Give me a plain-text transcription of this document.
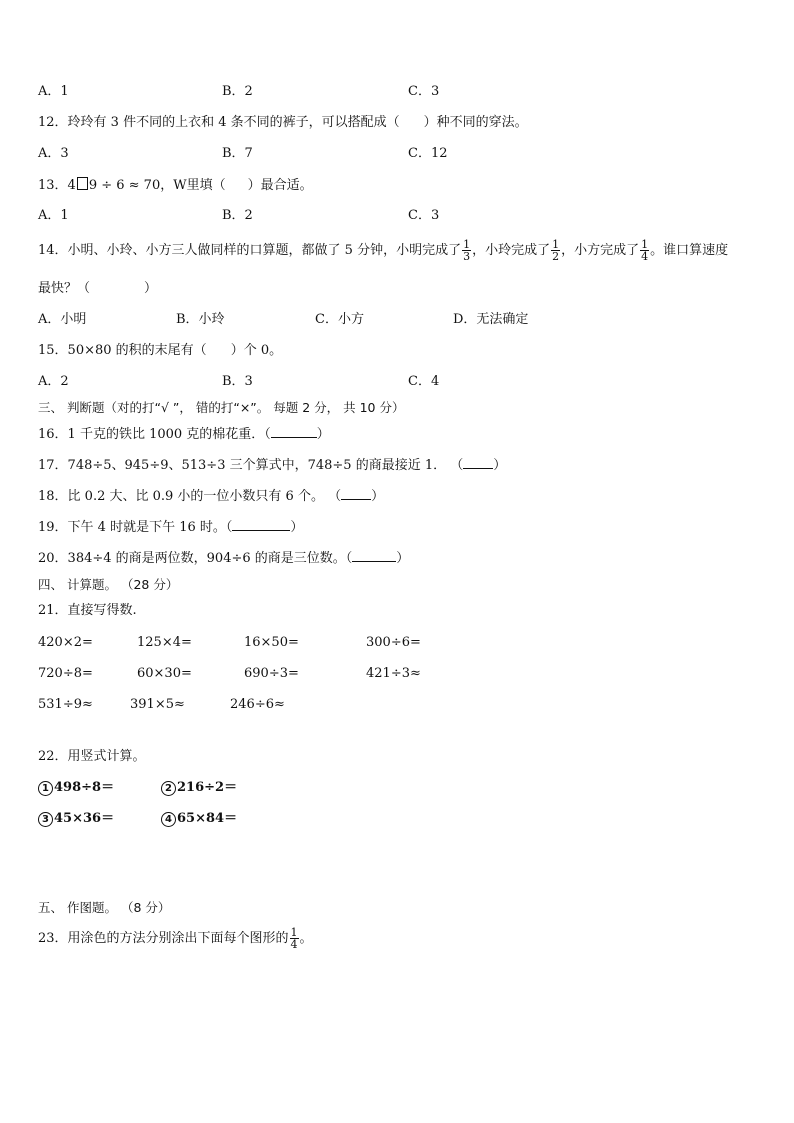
A．1	B．2	C．3
12．玲玲有 3 件不同的上衣和 4 条不同的裤子，可以搭配成（ ）种不同的穿法。
A．3	B．7	C．12
13．4 9 ÷ 6 ≈ 70，W里填（ ）最合适。
A．1	B．2	C．3
14．小明、小玲、小方三人做同样的口算题，都做了 5 分钟，小明完成了 $\frac{1}{3}$ ，小玲完成了 $\frac{1}{2}$ ，小方完成了 $\frac{1}{4}$ 。谁口算速度
最快？（	）
A．小明	B．小玲	C．小方	D．无法确定
15．50×80 的积的末尾有（ ）个 0。
A．2	B．3	C．4
三、 判断题（对的打“√ ”， 错的打“×”。 每题 2 分， 共 10 分）
16．1 千克的铁比 1000 克的棉花重．（	）
17．748÷5、945÷9、513÷3 三个算式中，748÷5 的商最接近 1． （ ）
18．比 0.2 大、比 0.9 小的一位小数只有 6 个。 （ ）
19．下午 4 时就是下午 16 时。（	）
20．384÷4 的商是两位数，904÷6 的商是三位数。（	）
四、 计算题。 （28 分）
21．直接写得数.
420×2=	125×4=	16×50=	300÷6=
720÷8=	60×30=	690÷3=	421÷3≈
531÷9≈	391×5≈	246÷6≈
22．用竖式计算。
1 498÷8＝	2 216÷2＝
3 45×36＝	4 65×84＝
五、 作图题。 （8 分）
23．用涂色的方法分别涂出下面每个图形的 $\frac{1}{4}$ 。
